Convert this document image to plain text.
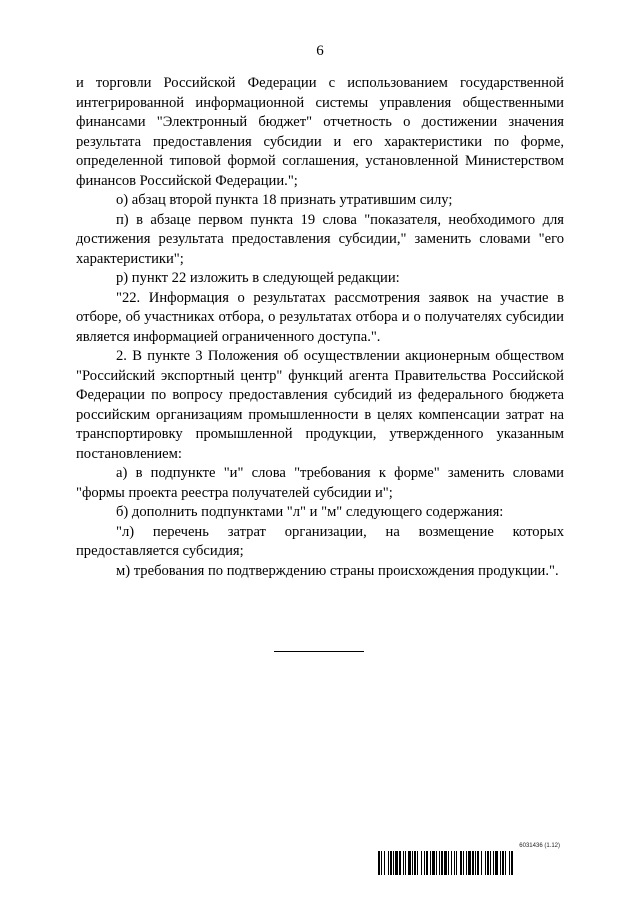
6

и торговли Российской Федерации с использованием государственной интегрированной информационной системы управления общественными финансами "Электронный бюджет" отчетность о достижении значения результата предоставления субсидии и его характеристики по форме, определенной типовой формой соглашения, установленной Министерством финансов Российской Федерации.";

о) абзац второй пункта 18 признать утратившим силу;

п) в абзаце первом пункта 19 слова "показателя, необходимого для достижения результата предоставления субсидии," заменить словами "его характеристики";

р) пункт 22 изложить в следующей редакции:

"22. Информация о результатах рассмотрения заявок на участие в отборе, об участниках отбора, о результатах отбора и о получателях субсидии является информацией ограниченного доступа.".

2. В пункте 3 Положения об осуществлении акционерным обществом "Российский экспортный центр" функций агента Правительства Российской Федерации по вопросу предоставления субсидий из федерального бюджета российским организациям промышленности в целях компенсации затрат на транспортировку промышленной продукции, утвержденного указанным постановлением:

а) в подпункте "и" слова "требования к форме" заменить словами "формы проекта реестра получателей субсидии и";

б) дополнить подпунктами "л" и "м" следующего содержания:

"л) перечень затрат организации, на возмещение которых предоставляется субсидия;

м) требования по подтверждению страны происхождения продукции.".

6031436 (1.12)
